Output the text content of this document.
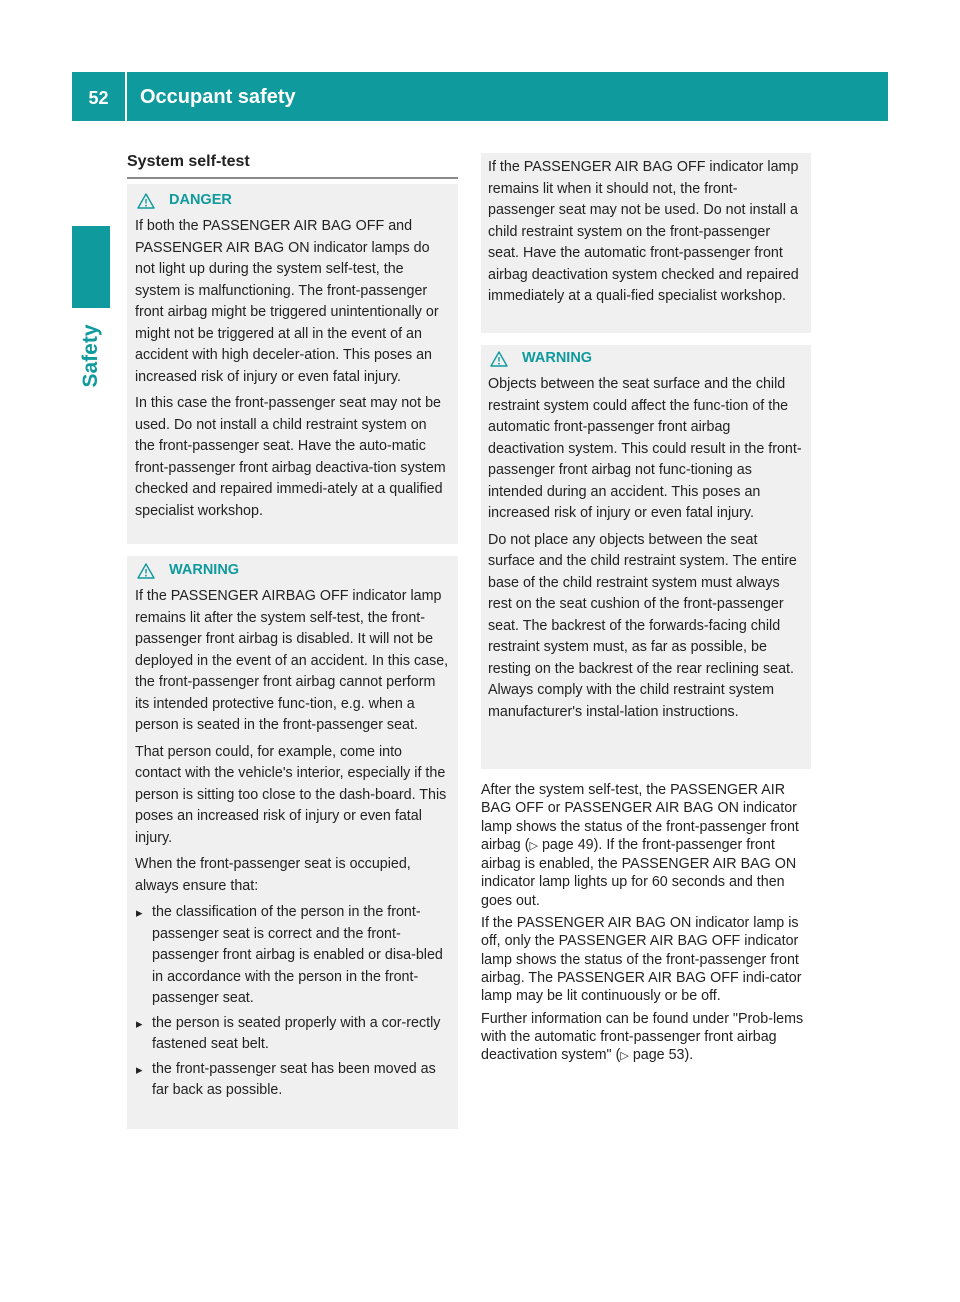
52	Occupant safety
Safety
System self-test
DANGER

If both the PASSENGER AIR BAG OFF and PASSENGER AIR BAG ON indicator lamps do not light up during the system self-test, the system is malfunctioning. The front-passenger front airbag might be triggered unintentionally or might not be triggered at all in the event of an accident with high deceler-ation. This poses an increased risk of injury or even fatal injury.

In this case the front-passenger seat may not be used. Do not install a child restraint system on the front-passenger seat. Have the auto-matic front-passenger front airbag deactiva-tion system checked and repaired immedi-ately at a qualified specialist workshop.

WARNING

If the PASSENGER AIRBAG OFF indicator lamp remains lit after the system self-test, the front-passenger front airbag is disabled. It will not be deployed in the event of an accident. In this case, the front-passenger front airbag cannot perform its intended protective func-tion, e.g. when a person is seated in the front-passenger seat.

That person could, for example, come into contact with the vehicle's interior, especially if the person is sitting too close to the dash-board. This poses an increased risk of injury or even fatal injury.

When the front-passenger seat is occupied, always ensure that:

▸ the classification of the person in the front-passenger seat is correct and the front-passenger front airbag is enabled or disa-bled in accordance with the person in the front-passenger seat.
▸ the person is seated properly with a cor-rectly fastened seat belt.
▸ the front-passenger seat has been moved as far back as possible.

If the PASSENGER AIR BAG OFF indicator lamp remains lit when it should not, the front-passenger seat may not be used. Do not install a child restraint system on the front-passenger seat. Have the automatic front-passenger front airbag deactivation system checked and repaired immediately at a quali-fied specialist workshop.

WARNING

Objects between the seat surface and the child restraint system could affect the func-tion of the automatic front-passenger front airbag deactivation system. This could result in the front-passenger front airbag not func-tioning as intended during an accident. This poses an increased risk of injury or even fatal injury.

Do not place any objects between the seat surface and the child restraint system. The entire base of the child restraint system must always rest on the seat cushion of the front-passenger seat. The backrest of the forwards-facing child restraint system must, as far as possible, be resting on the backrest of the rear reclining seat. Always comply with the child restraint system manufacturer's instal-lation instructions.

After the system self-test, the PASSENGER AIR BAG OFF or PASSENGER AIR BAG ON indicator lamp shows the status of the front-passenger front airbag (▷ page 49). If the front-passenger front airbag is enabled, the PASSENGER AIR BAG ON indicator lamp lights up for 60 seconds and then goes out.

If the PASSENGER AIR BAG ON indicator lamp is off, only the PASSENGER AIR BAG OFF indicator lamp shows the status of the front-passenger front airbag. The PASSENGER AIR BAG OFF indi-cator lamp may be lit continuously or be off.

Further information can be found under "Prob-lems with the automatic front-passenger front airbag deactivation system" (▷ page 53).
